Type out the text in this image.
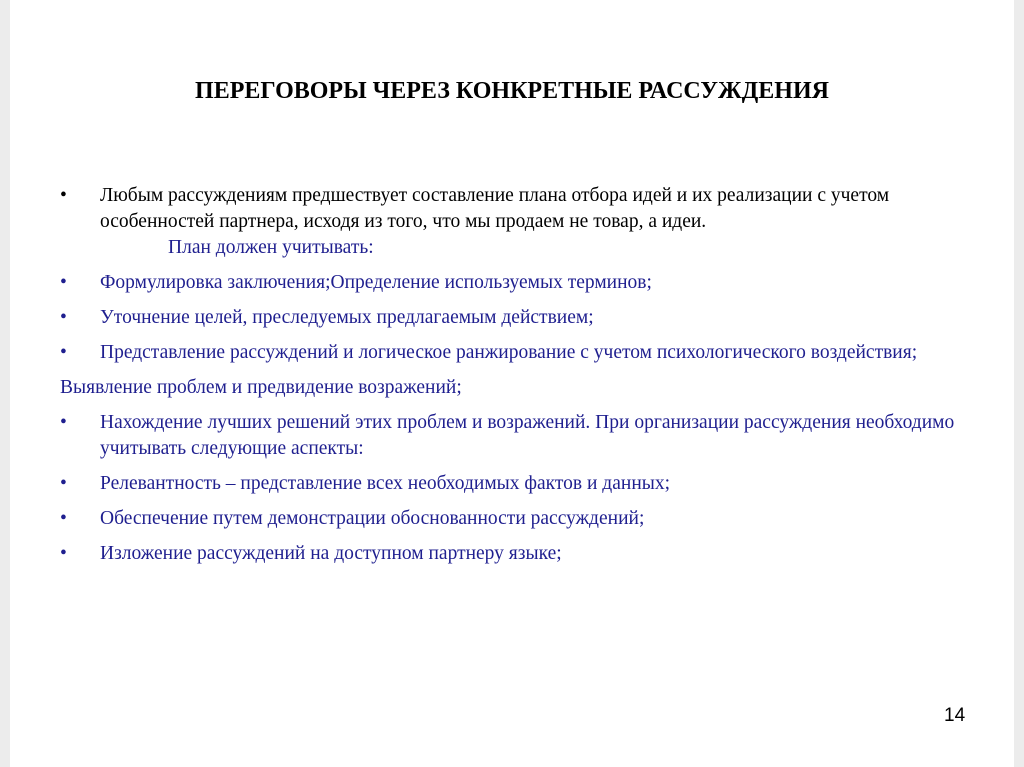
ПЕРЕГОВОРЫ ЧЕРЕЗ КОНКРЕТНЫЕ РАССУЖДЕНИЯ
• Любым рассуждениям предшествует составление плана отбора идей и их реализации с учетом особенностей партнера, исходя из того, что мы продаем не товар, а идеи.
План должен учитывать:
• Формулировка заключения;Определение используемых терминов;
• Уточнение целей, преследуемых предлагаемым действием;
• Представление рассуждений и логическое ранжирование с учетом психологического воздействия;
Выявление проблем и предвидение возражений;
• Нахождение лучших решений этих проблем и возражений. При организации рассуждения необходимо учитывать следующие аспекты:
• Релевантность – представление всех необходимых фактов и данных;
• Обеспечение путем демонстрации обоснованности рассуждений;
• Изложение рассуждений на доступном партнеру языке;
14
